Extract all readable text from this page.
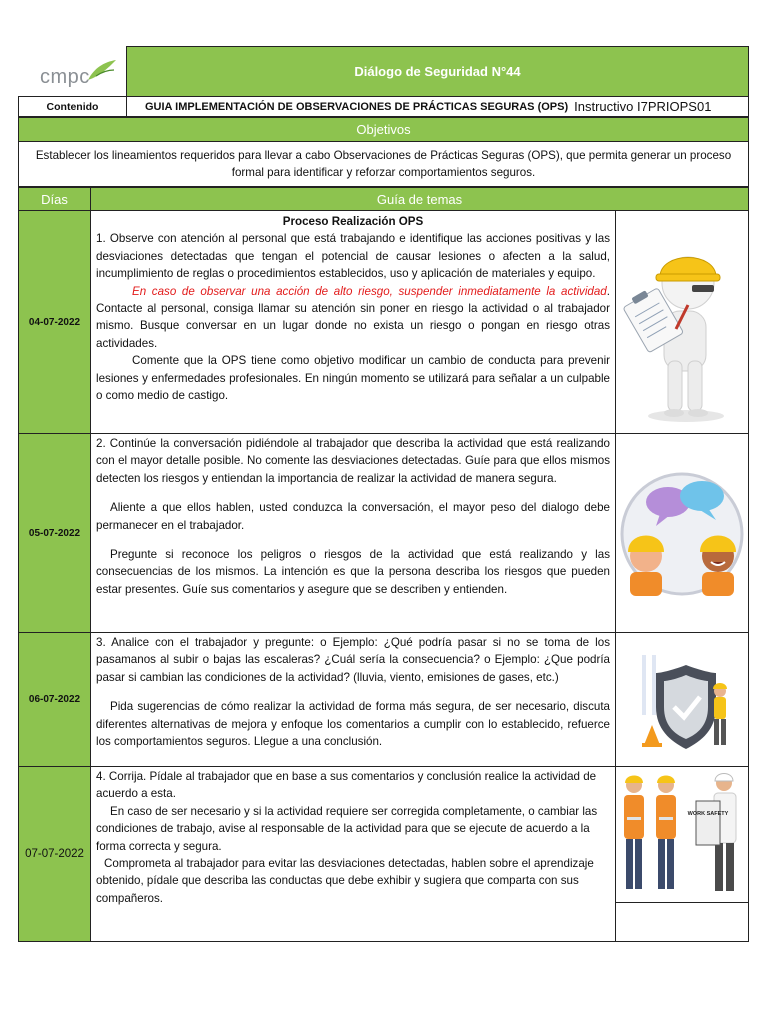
cmpc	Diálogo de Seguridad N°44
Contenido	GUIA IMPLEMENTACIÓN DE OBSERVACIONES DE PRÁCTICAS SEGURAS (OPS) Instructivo I7PRIOPS01
Objetivos
Establecer los lineamientos requeridos para llevar a cabo Observaciones de Prácticas Seguras (OPS), que permita generar un proceso formal para identificar y reforzar comportamientos seguros.
Días	Guía de temas
04-07-2022

Proceso Realización OPS

1. Observe con atención al personal que está trabajando e identifique las acciones positivas y las desviaciones detectadas que tengan el potencial de causar lesiones o afecten a la salud, incumplimiento de reglas o procedimientos establecidos, uso y aplicación de materiales y equipo.

En caso de observar una acción de alto riesgo, suspender inmediatamente la actividad. Contacte al personal, consiga llamar su atención sin poner en riesgo la actividad o al trabajador mismo. Busque conversar en un lugar donde no exista un riesgo o pongan en riesgo otras actividades.

Comente que la OPS tiene como objetivo modificar un cambio de conducta para prevenir lesiones y enfermedades profesionales. En ningún momento se utilizará para señalar a un culpable o como medio de castigo.

05-07-2022

2. Continúe la conversación pidiéndole al trabajador que describa la actividad que está realizando con el mayor detalle posible. No comente las desviaciones detectadas. Guíe para que ellos mismos detecten los riesgos y entiendan la importancia de realizar la actividad de manera segura.

Aliente a que ellos hablen, usted conduzca la conversación, el mayor peso del dialogo debe permanecer en el trabajador.

Pregunte si reconoce los peligros o riesgos de la actividad que está realizando y las consecuencias de los mismos. La intención es que la persona describa los riesgos que pueden estar presentes. Guíe sus comentarios y asegure que se describen y entienden.

06-07-2022

3. Analice con el trabajador y pregunte: o Ejemplo: ¿Qué podría pasar si no se toma de los pasamanos al subir o bajas las escaleras? ¿Cuál sería la consecuencia? o Ejemplo: ¿Que podría pasar si cambian las condiciones de la actividad? (lluvia, viento, emisiones de gases, etc.)

Pida sugerencias de cómo realizar la actividad de forma más segura, de ser necesario, discuta diferentes alternativas de mejora y enfoque los comentarios a cumplir con lo establecido, refuerce los comportamientos seguros. Llegue a una conclusión.

07-07-2022

4. Corrija. Pídale al trabajador que en base a sus comentarios y conclusión realice la actividad de acuerdo a esta.

En caso de ser necesario y si la actividad requiere ser corregida completamente, o cambiar las condiciones de trabajo, avise al responsable de la actividad para que se ejecute de acuerdo a la forma correcta y segura.

Comprometa al trabajador para evitar las desviaciones detectadas, hablen sobre el aprendizaje obtenido, pídale que describa las conductas que debe exhibir y sugiera que comparta con sus compañeros.

WORK SAFETY
